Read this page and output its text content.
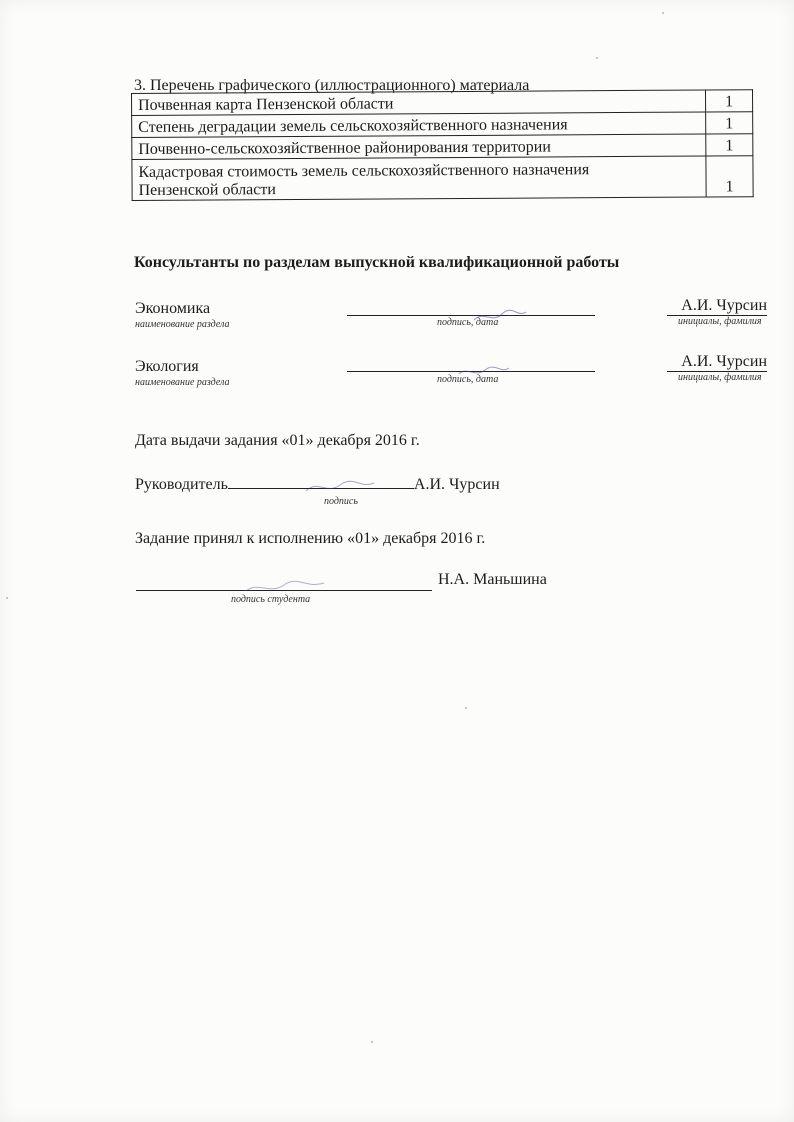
3. Перечень графического (иллюстрационного) материала
Почвенная карта Пензенской области	1
Степень деградации земель сельскохозяйственного назначения	1
Почвенно-сельскохозяйственное районирования территории	1
Кадастровая стоимость земель сельскохозяйственного назначения
Пензенской области	1
Консультанты по разделам выпускной квалификационной работы
Экономика
наименование раздела	подпись, дата
А.И. Чурсин
инициалы, фамилия
Экология
наименование раздела	подпись, дата
А.И. Чурсин
инициалы, фамилия
Дата выдачи задания «01» декабря 2016 г.
Руководитель	А.И. Чурсин
подпись
Задание принял к исполнению «01» декабря 2016 г.
Н.А. Маньшина
подпись студента
